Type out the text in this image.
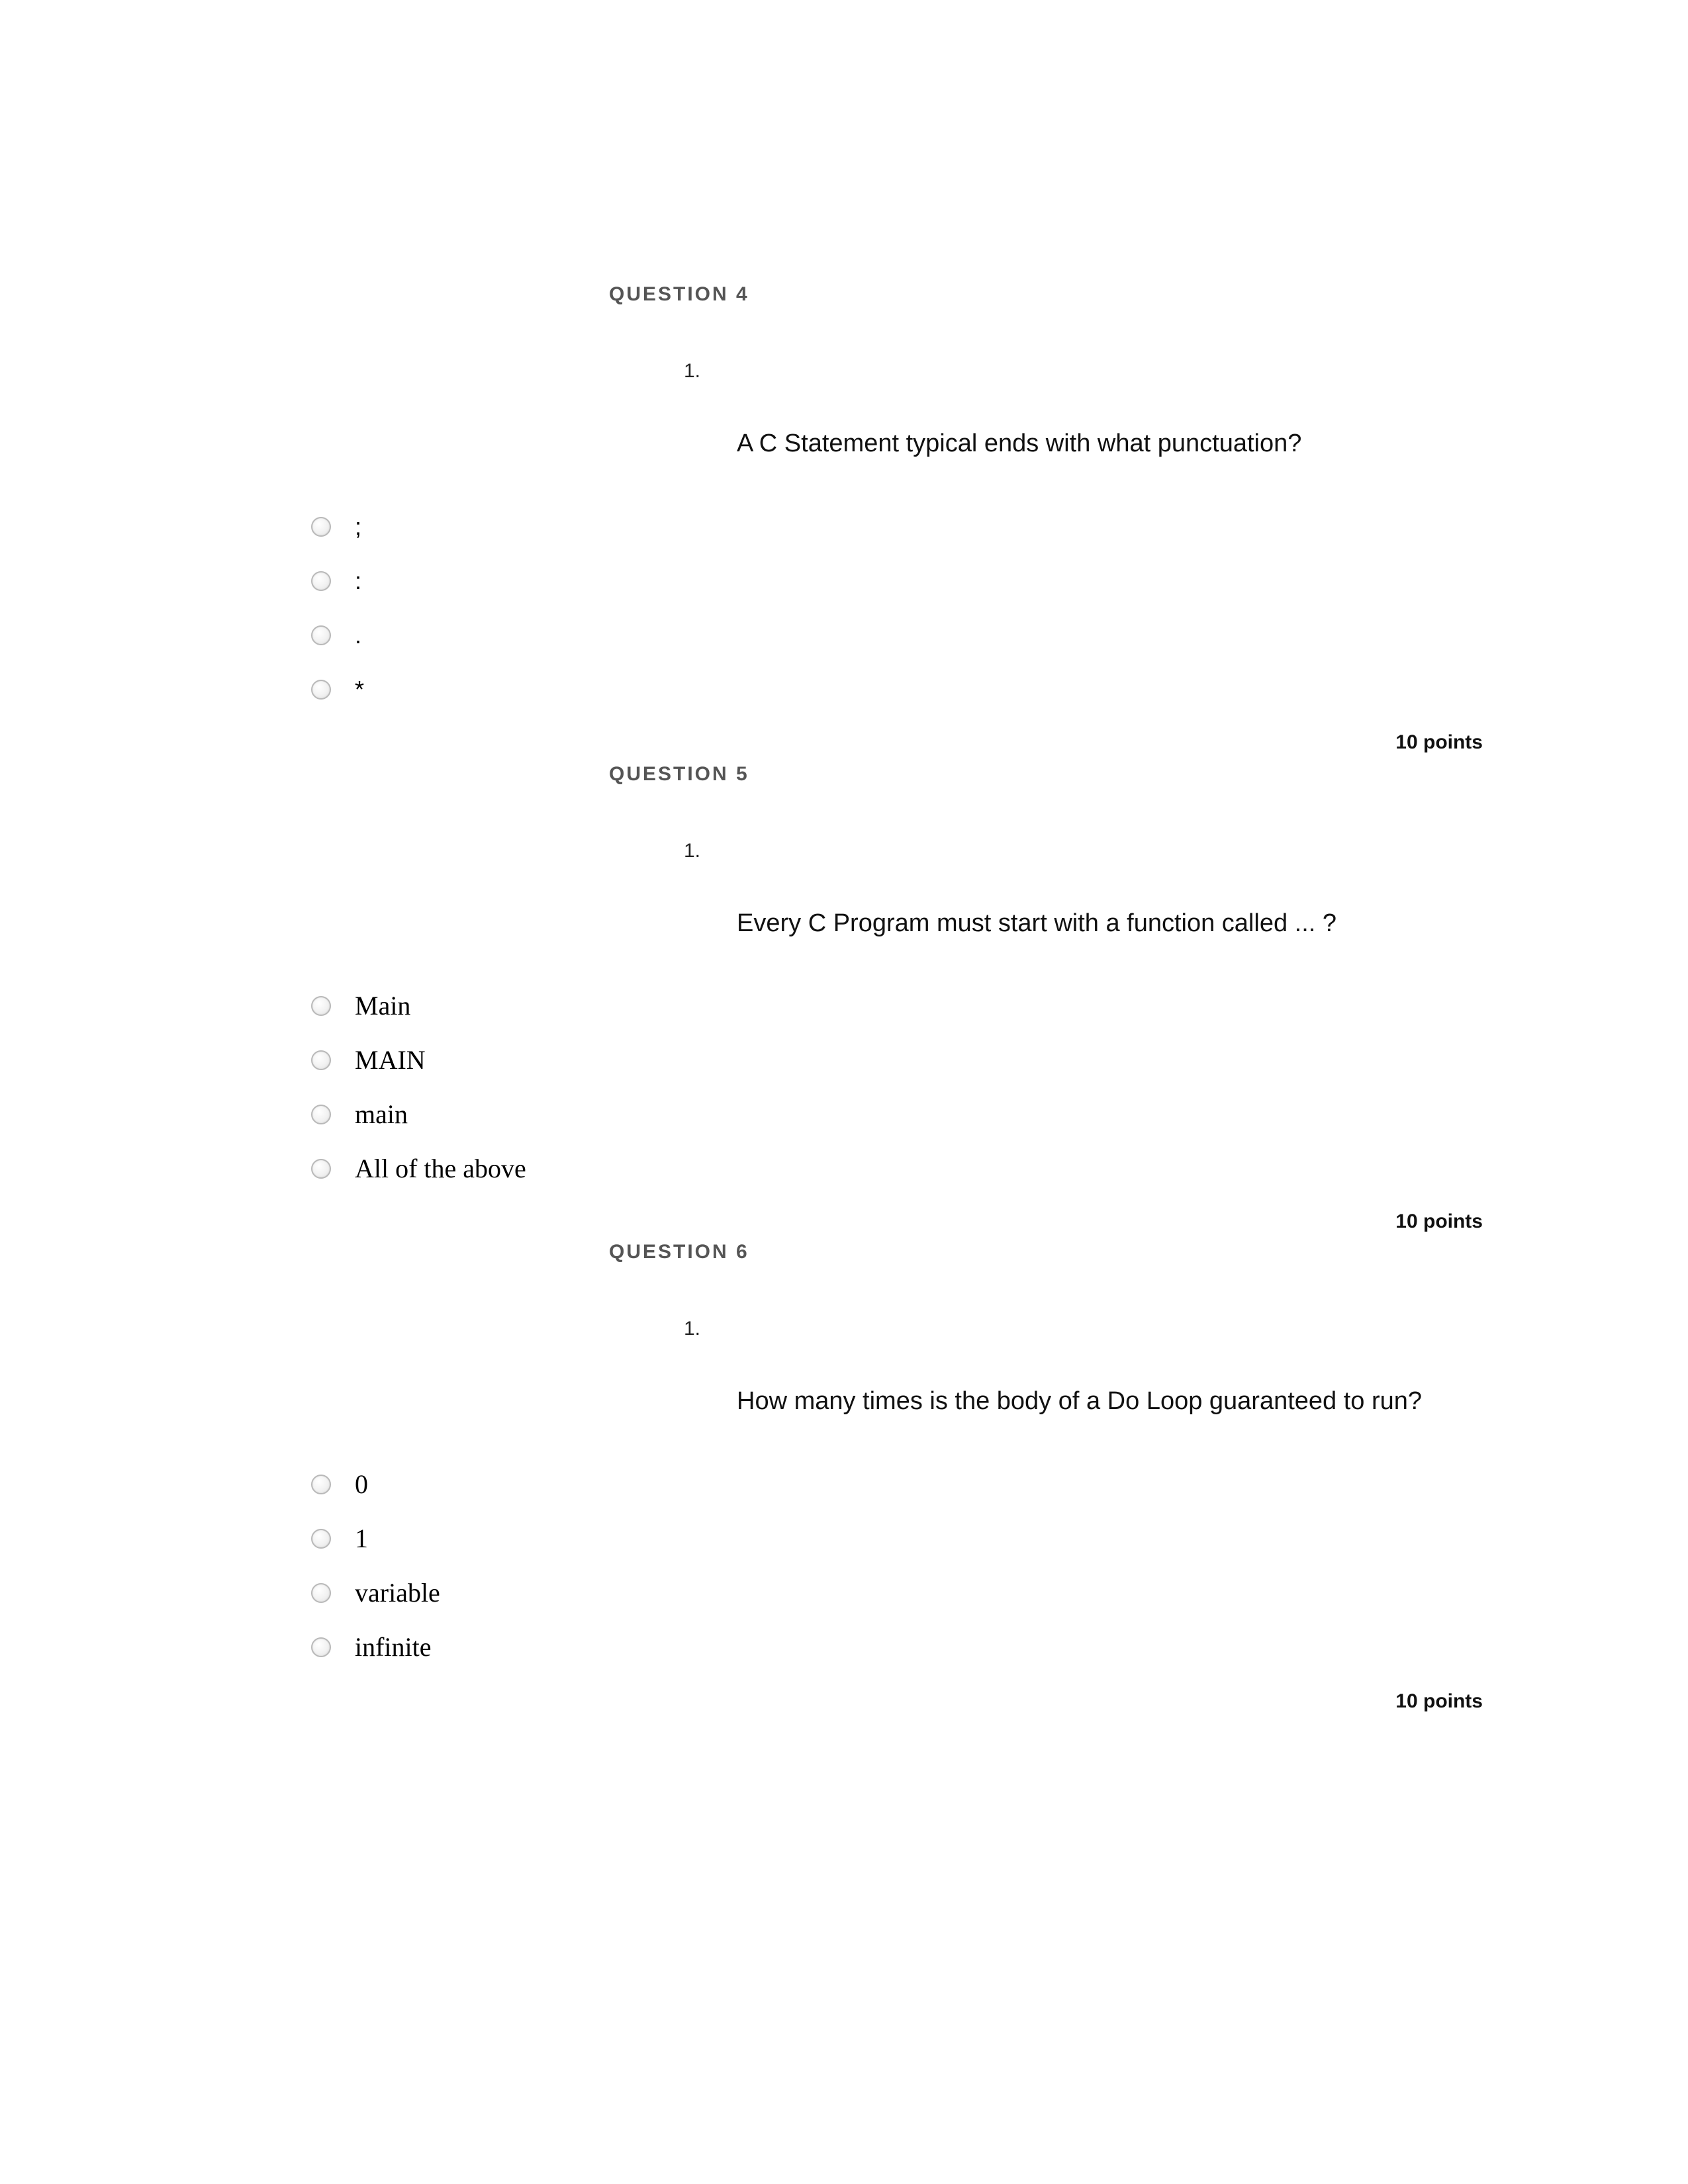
QUESTION 4
1.
A C Statement typical ends with what punctuation?
;
:
.
*
10 points
QUESTION 5
1.
Every C Program must start with a function called ... ?
Main
MAIN
main
All of the above
10 points
QUESTION 6
1.
How many times is the body of a Do Loop guaranteed to run?
0
1
variable
infinite
10 points
